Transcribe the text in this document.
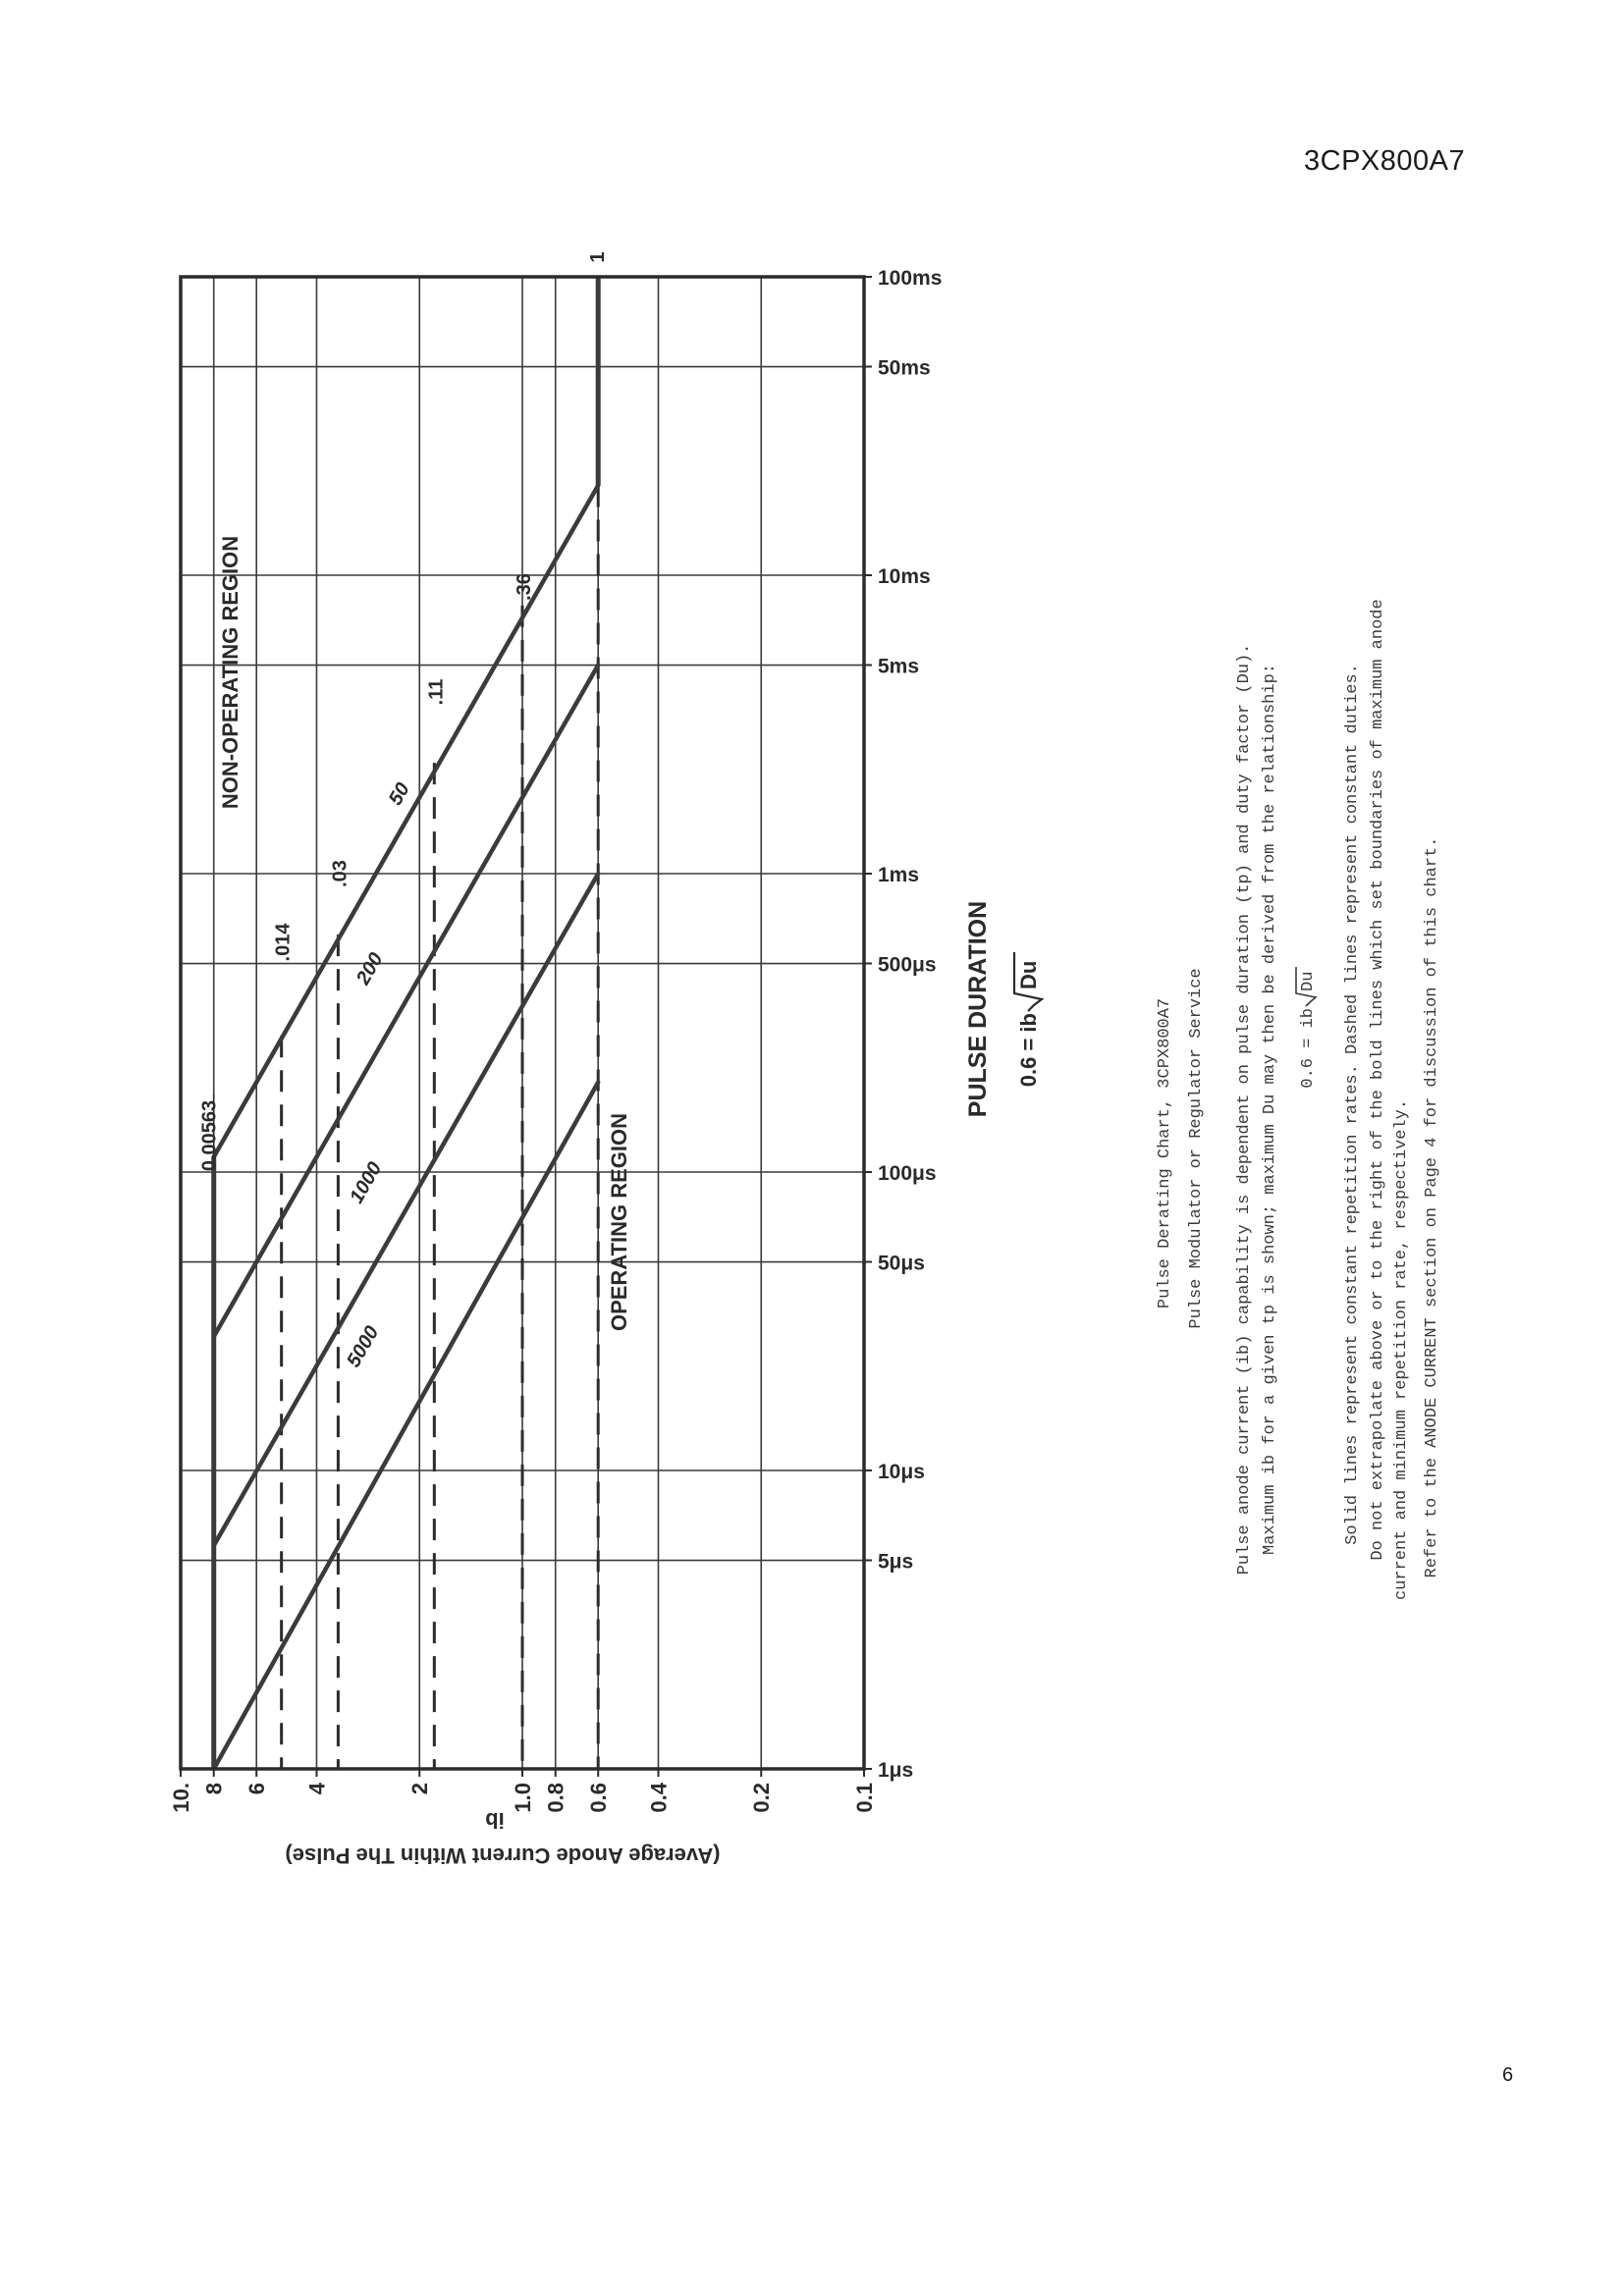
3CPX800A7
6
10. 8 6 4	2	1.0 0.8 0.6 0.4	0.2	0.1
100ms
50ms
10ms
5ms
1ms
500μs
100μs
50μs
10μs
5μs
1μs
50
200
1000
5000
0.00563
.014
.03
.11
.36
1
NON-OPERATING REGION
OPERATING REGION
ib
(Average Anode Current Within The Pulse)
PULSE DURATION 0.6 = ib
Du
Pulse Derating Chart, 3CPX800A7 Pulse Modulator or Regulator Service Pulse anode current (ib) capability is dependent on pulse duration (tp) and duty factor (Du). Maximum ib for a given tp is shown; maximum Du may then be derived from the relationship: 0.6 = ib
Du Solid lines represent constant repetition rates. Dashed lines represent constant duties. Do not extrapolate above or to the right of the bold lines which set boundaries of maximum anode current and minimum repetition rate, respectively. Refer to the ANODE CURRENT section on Page 4 for discussion of this chart.
